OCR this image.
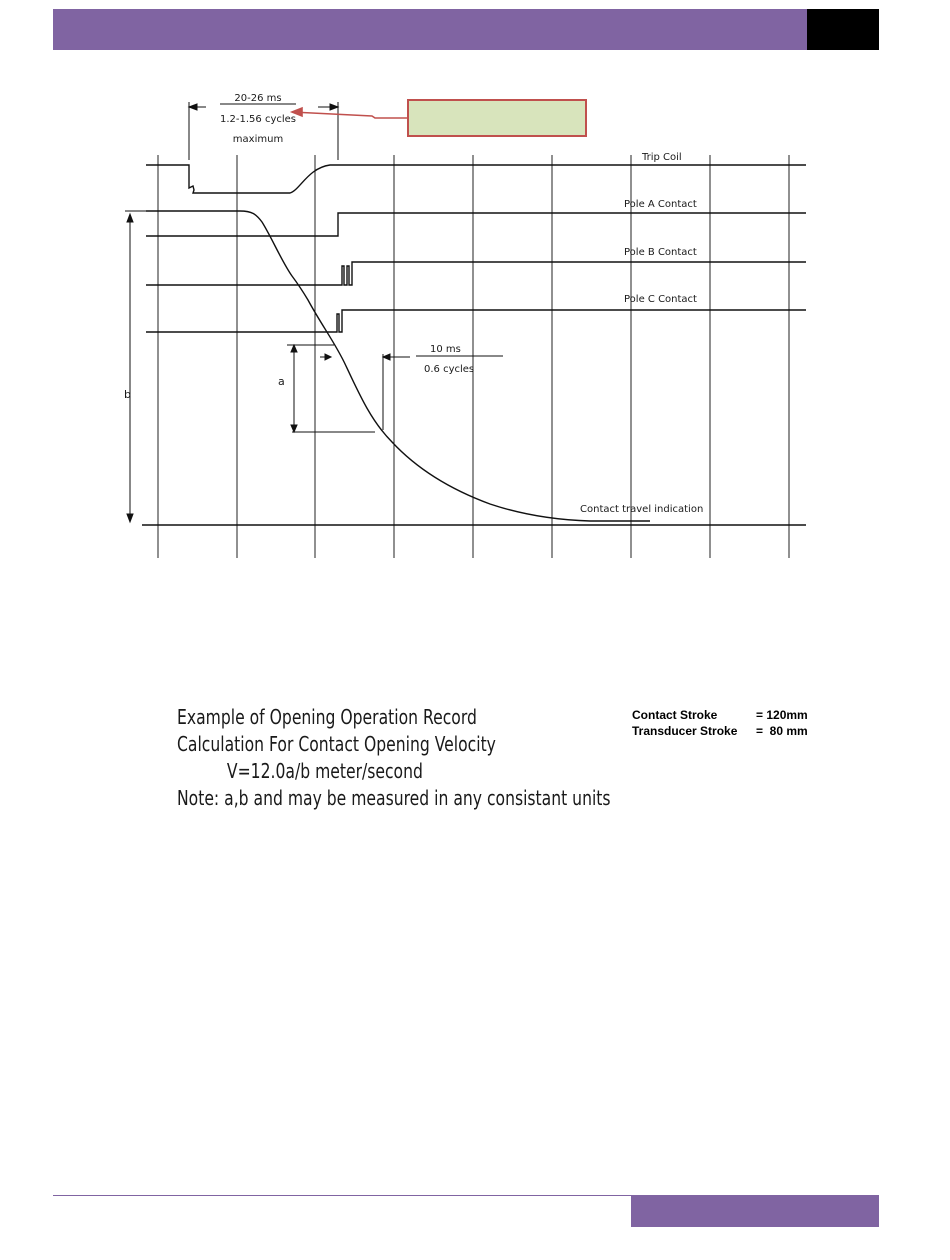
20-26 ms
1.2-1.56 cycles
maximum
Trip Coil
Pole A Contact
Pole B Contact
Pole C Contact
Contact travel indication
10 ms
0.6 cycles
a
b
Example of Opening Operation Record
Calculation For Contact Opening Velocity
V=12.0a/b meter/second
Note: a,b and may be measured in any consistant units
Contact Stroke	= 120mm
Transducer Stroke	=  80 mm
